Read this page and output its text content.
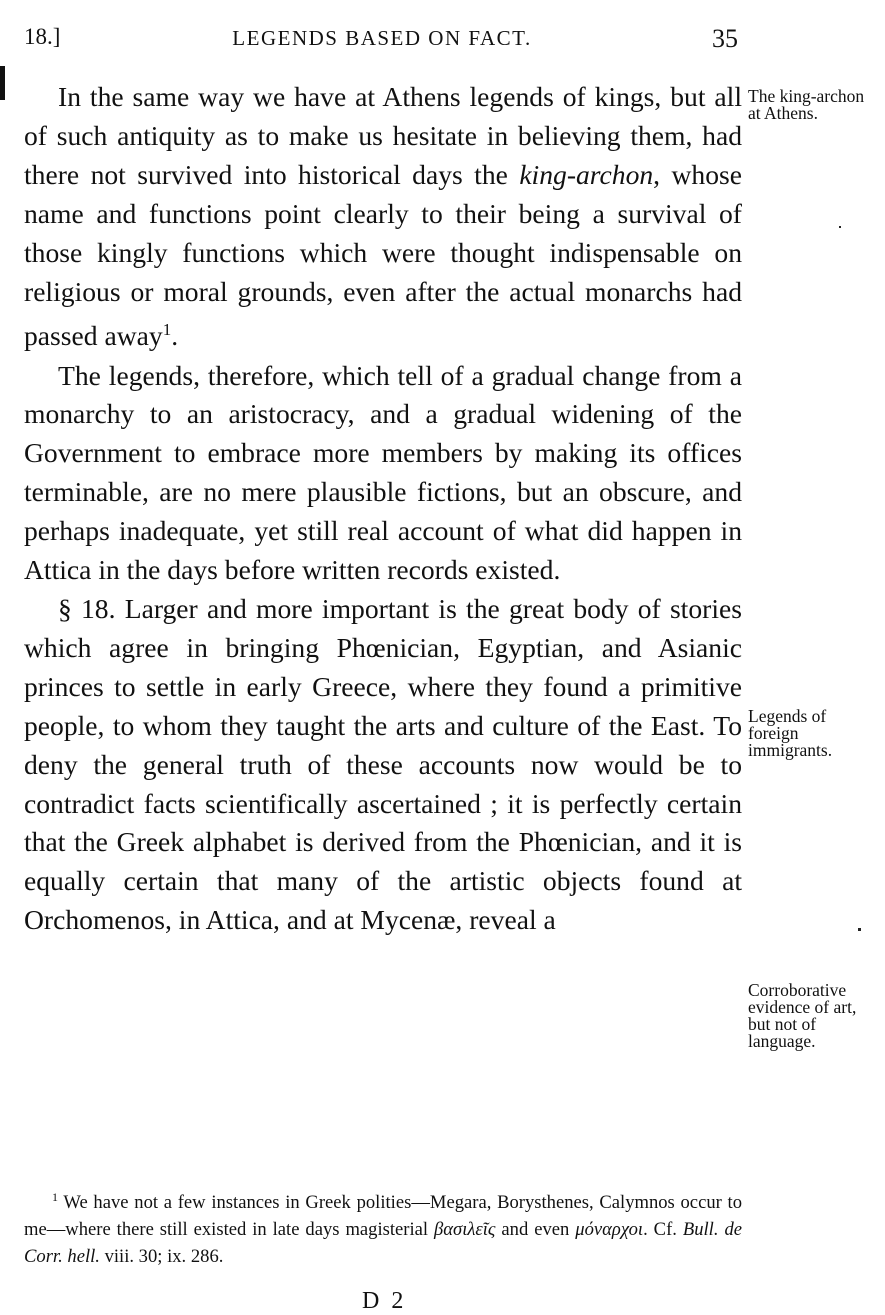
18.]	LEGENDS BASED ON FACT.	35

In the same way we have at Athens legends of kings, but all of such antiquity as to make us hesitate in believing them, had there not survived into historical days the king-archon, whose name and functions point clearly to their being a survival of those kingly functions which were thought indispensable on religious or moral grounds, even after the actual monarchs had passed away$^1$.

The legends, therefore, which tell of a gradual change from a monarchy to an aristocracy, and a gradual widening of the Government to embrace more members by making its offices terminable, are no mere plausible fictions, but an obscure, and perhaps inadequate, yet still real account of what did happen in Attica in the days before written records existed.

§ 18. Larger and more important is the great body of stories which agree in bringing Phœnician, Egyptian, and Asianic princes to settle in early Greece, where they found a primitive people, to whom they taught the arts and culture of the East. To deny the general truth of these accounts now would be to contradict facts scientifically ascertained ; it is perfectly certain that the Greek alphabet is derived from the Phœnician, and it is equally certain that many of the artistic objects found at Orchomenos, in Attica, and at Mycenæ, reveal a

The king-archon at Athens.
Legends of foreign immigrants.
Corroborative evidence of art, but not of language.

$^1$ We have not a few instances in Greek polities—Megara, Borysthenes, Calymnos occur to me—where there still existed in late days magisterial βασιλεῖς and even μόναρχοι. Cf. Bull. de Corr. hell. viii. 30; ix. 286.

D 2
